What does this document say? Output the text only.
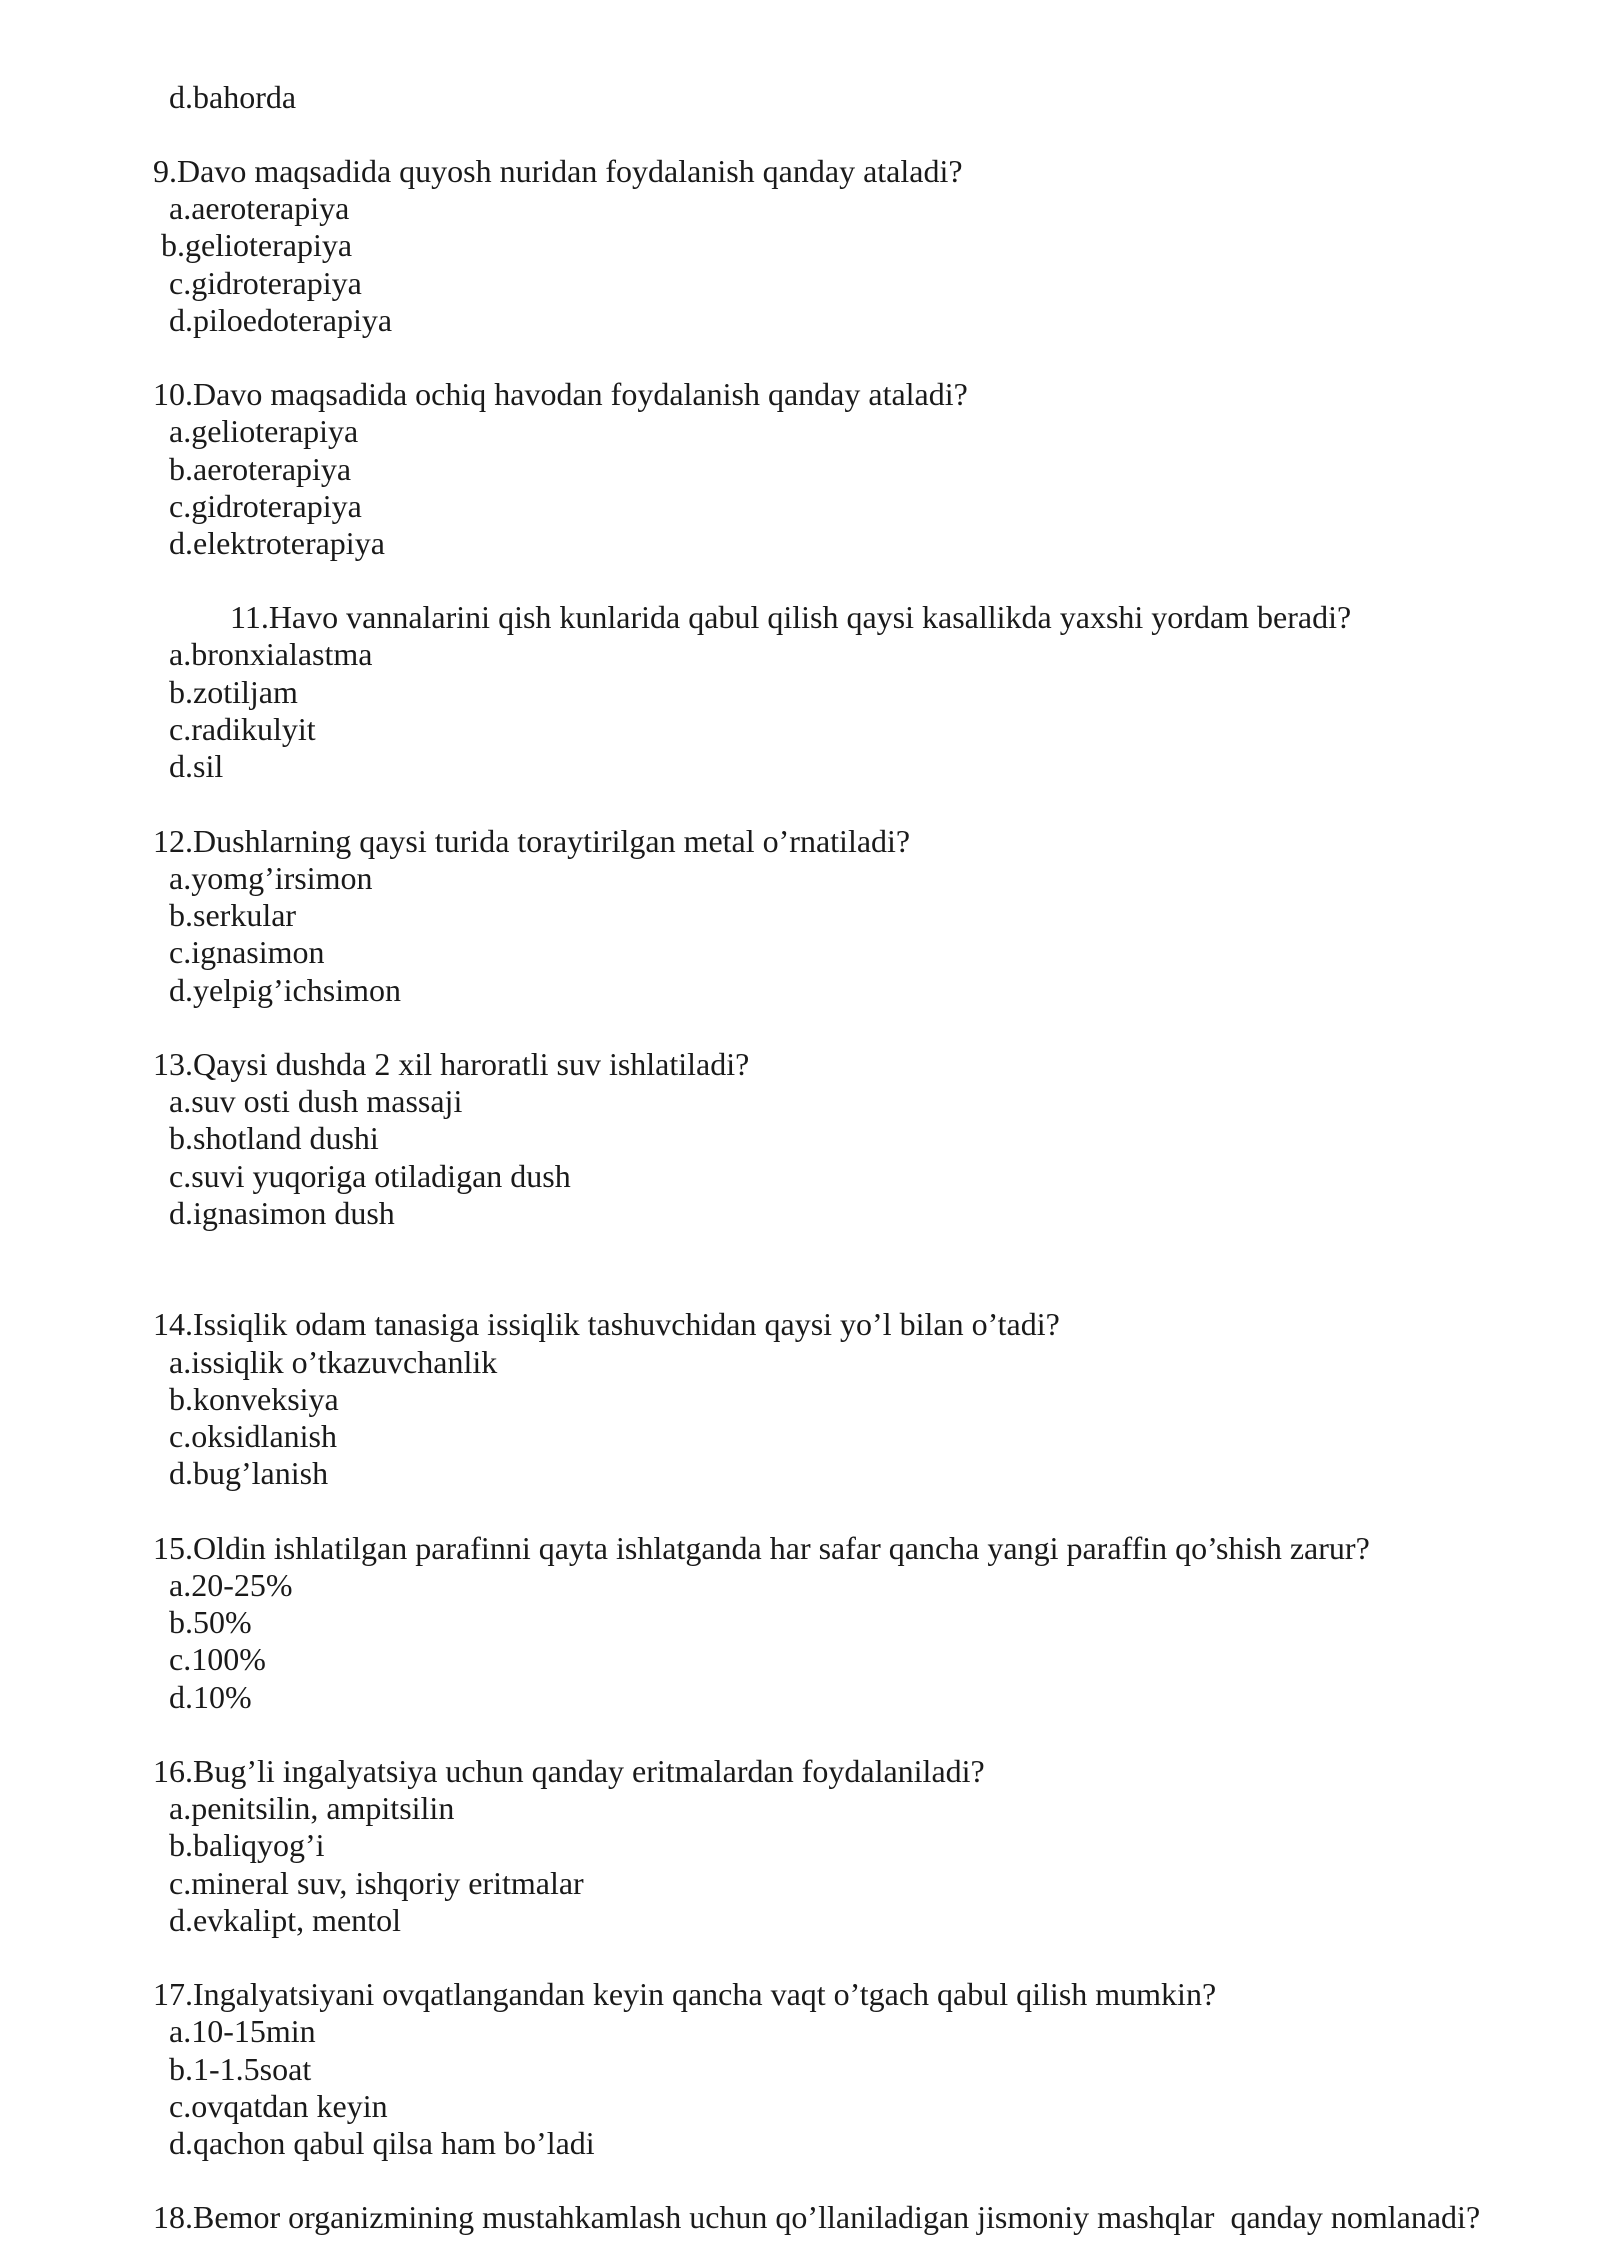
d.bahorda

9.Davo maqsadida quyosh nuridan foydalanish qanday ataladi?

a.aeroterapiya

b.gelioterapiya

c.gidroterapiya

d.piloedoterapiya

10.Davo maqsadida ochiq havodan foydalanish qanday ataladi?

a.gelioterapiya

b.aeroterapiya

c.gidroterapiya

d.elektroterapiya

11.Havo vannalarini qish kunlarida qabul qilish qaysi kasallikda yaxshi yordam beradi?

a.bronxialastma

b.zotiljam

c.radikulyit

d.sil

12.Dushlarning qaysi turida toraytirilgan metal o’rnatiladi?

a.yomg’irsimon

b.serkular

c.ignasimon

d.yelpig’ichsimon

13.Qaysi dushda 2 xil haroratli suv ishlatiladi?

a.suv osti dush massaji

b.shotland dushi

c.suvi yuqoriga otiladigan dush

d.ignasimon dush

14.Issiqlik odam tanasiga issiqlik tashuvchidan qaysi yo’l bilan o’tadi?

a.issiqlik o’tkazuvchanlik

b.konveksiya

c.oksidlanish

d.bug’lanish

15.Oldin ishlatilgan parafinni qayta ishlatganda har safar qancha yangi paraffin qo’shish zarur?

a.20-25%

b.50%

c.100%

d.10%

16.Bug’li ingalyatsiya uchun qanday eritmalardan foydalaniladi?

a.penitsilin, ampitsilin

b.baliqyog’i

c.mineral suv, ishqoriy eritmalar

d.evkalipt, mentol

17.Ingalyatsiyani ovqatlangandan keyin qancha vaqt o’tgach qabul qilish mumkin?

a.10-15min

b.1-1.5soat

c.ovqatdan keyin

d.qachon qabul qilsa ham bo’ladi

18.Bemor organizmining mustahkamlash uchun qo’llaniladigan jismoniy mashqlar  qanday nomlanadi?
